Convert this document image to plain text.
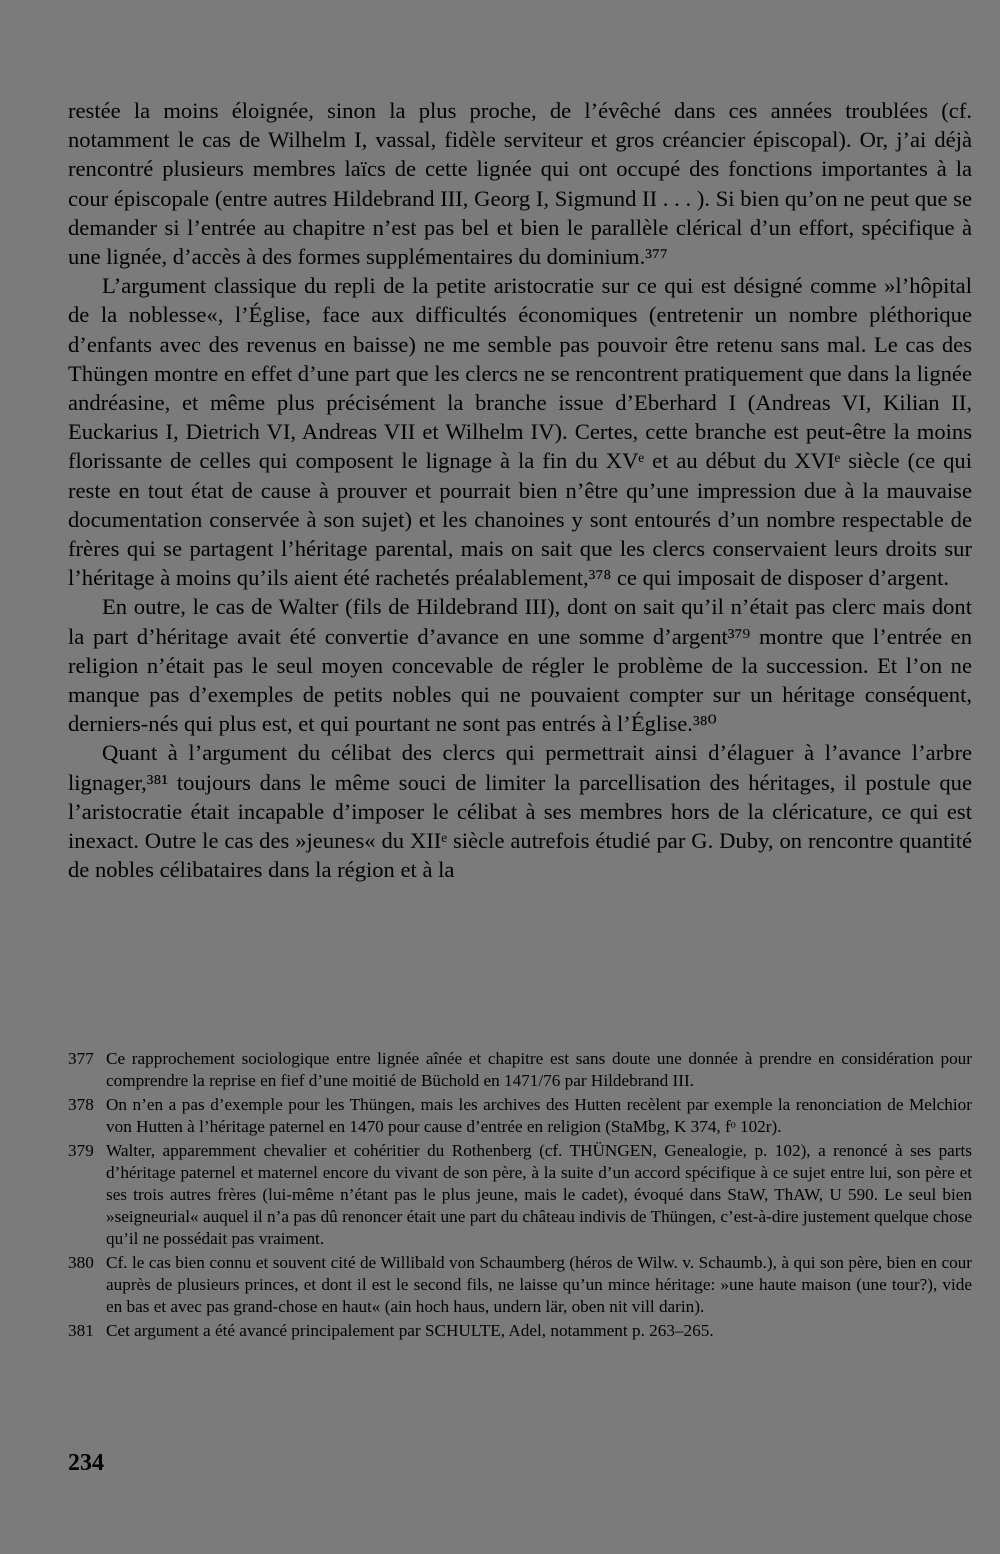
restée la moins éloignée, sinon la plus proche, de l’évêché dans ces années troublées (cf. notamment le cas de Wilhelm I, vassal, fidèle serviteur et gros créancier épiscopal). Or, j’ai déjà rencontré plusieurs membres laïcs de cette lignée qui ont occupé des fonctions importantes à la cour épiscopale (entre autres Hildebrand III, Georg I, Sigmund II . . . ). Si bien qu’on ne peut que se demander si l’entrée au chapitre n’est pas bel et bien le parallèle clérical d’un effort, spécifique à une lignée, d’accès à des formes supplémentaires du dominium.³⁷⁷

L’argument classique du repli de la petite aristocratie sur ce qui est désigné comme »l’hôpital de la noblesse«, l’Église, face aux difficultés économiques (entretenir un nombre pléthorique d’enfants avec des revenus en baisse) ne me semble pas pouvoir être retenu sans mal. Le cas des Thüngen montre en effet d’une part que les clercs ne se rencontrent pratiquement que dans la lignée andréasine, et même plus précisément la branche issue d’Eberhard I (Andreas VI, Kilian II, Euckarius I, Dietrich VI, Andreas VII et Wilhelm IV). Certes, cette branche est peut-être la moins florissante de celles qui composent le lignage à la fin du XVᵉ et au début du XVIᵉ siècle (ce qui reste en tout état de cause à prouver et pourrait bien n’être qu’une impression due à la mauvaise documentation conservée à son sujet) et les chanoines y sont entourés d’un nombre respectable de frères qui se partagent l’héritage parental, mais on sait que les clercs conservaient leurs droits sur l’héritage à moins qu’ils aient été rachetés préalablement,³⁷⁸ ce qui imposait de disposer d’argent.

En outre, le cas de Walter (fils de Hildebrand III), dont on sait qu’il n’était pas clerc mais dont la part d’héritage avait été convertie d’avance en une somme d’argent³⁷⁹ montre que l’entrée en religion n’était pas le seul moyen concevable de régler le problème de la succession. Et l’on ne manque pas d’exemples de petits nobles qui ne pouvaient compter sur un héritage conséquent, derniers-nés qui plus est, et qui pourtant ne sont pas entrés à l’Église.³⁸⁰

Quant à l’argument du célibat des clercs qui permettrait ainsi d’élaguer à l’avance l’arbre lignager,³⁸¹ toujours dans le même souci de limiter la parcellisation des héritages, il postule que l’aristocratie était incapable d’imposer le célibat à ses membres hors de la cléricature, ce qui est inexact. Outre le cas des »jeunes« du XIIᵉ siècle autrefois étudié par G. Duby, on rencontre quantité de nobles célibataires dans la région et à la

377 Ce rapprochement sociologique entre lignée aînée et chapitre est sans doute une donnée à prendre en considération pour comprendre la reprise en fief d’une moitié de Büchold en 1471/76 par Hildebrand III.
378 On n’en a pas d’exemple pour les Thüngen, mais les archives des Hutten recèlent par exemple la renonciation de Melchior von Hutten à l’héritage paternel en 1470 pour cause d’entrée en religion (StaMbg, K 374, fᵒ 102r).
379 Walter, apparemment chevalier et cohéritier du Rothenberg (cf. THÜNGEN, Genealogie, p. 102), a renoncé à ses parts d’héritage paternel et maternel encore du vivant de son père, à la suite d’un accord spécifique à ce sujet entre lui, son père et ses trois autres frères (lui-même n’étant pas le plus jeune, mais le cadet), évoqué dans StaW, ThAW, U 590. Le seul bien »seigneurial« auquel il n’a pas dû renoncer était une part du château indivis de Thüngen, c’est-à-dire justement quelque chose qu’il ne possédait pas vraiment.
380 Cf. le cas bien connu et souvent cité de Willibald von Schaumberg (héros de Wilw. v. Schaumb.), à qui son père, bien en cour auprès de plusieurs princes, et dont il est le second fils, ne laisse qu’un mince héritage: »une haute maison (une tour?), vide en bas et avec pas grand-chose en haut« (ain hoch haus, undern lär, oben nit vill darin).
381 Cet argument a été avancé principalement par SCHULTE, Adel, notamment p. 263–265.
234
